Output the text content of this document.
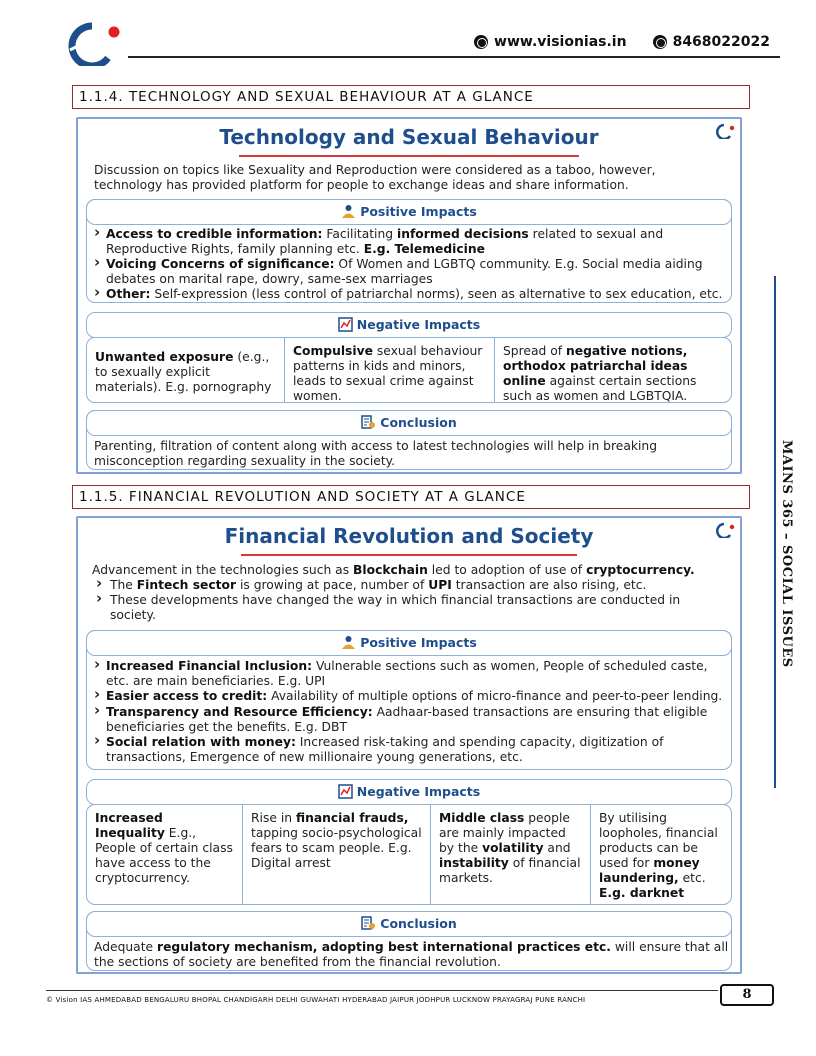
www.visionias.in	8468022022
1.1.4. TECHNOLOGY AND SEXUAL BEHAVIOUR AT A GLANCE
Technology and Sexual Behaviour
Discussion on topics like Sexuality and Reproduction were considered as a taboo, however, technology has provided platform for people to exchange ideas and share information.
Positive Impacts
› Access to credible information: Facilitating informed decisions related to sexual and Reproductive Rights, family planning etc. E.g. Telemedicine
› Voicing Concerns of significance: Of Women and LGBTQ community. E.g. Social media aiding debates on marital rape, dowry, same-sex marriages
› Other: Self-expression (less control of patriarchal norms), seen as alternative to sex education, etc.
Negative Impacts
Unwanted exposure (e.g., to sexually explicit materials). E.g. pornography
Compulsive sexual behaviour patterns in kids and minors, leads to sexual crime against women.
Spread of negative notions, orthodox patriarchal ideas online against certain sections such as women and LGBTQIA.
Conclusion
Parenting, filtration of content along with access to latest technologies will help in breaking misconception regarding sexuality in the society.
1.1.5. FINANCIAL REVOLUTION AND SOCIETY AT A GLANCE
Financial Revolution and Society
Advancement in the technologies such as Blockchain led to adoption of use of cryptocurrency.
› The Fintech sector is growing at pace, number of UPI transaction are also rising, etc.
› These developments have changed the way in which financial transactions are conducted in society.
Positive Impacts
› Increased Financial Inclusion: Vulnerable sections such as women, People of scheduled caste, etc. are main beneficiaries. E.g. UPI
› Easier access to credit: Availability of multiple options of micro-finance and peer-to-peer lending.
› Transparency and Resource Efficiency: Aadhaar-based transactions are ensuring that eligible beneficiaries get the benefits. E.g. DBT
› Social relation with money: Increased risk-taking and spending capacity, digitization of transactions, Emergence of new millionaire young generations, etc.
Negative Impacts
Increased Inequality E.g., People of certain class have access to the cryptocurrency.
Rise in financial frauds, tapping socio-psychological fears to scam people. E.g. Digital arrest
Middle class people are mainly impacted by the volatility and instability of financial markets.
By utilising loopholes, financial products can be used for money laundering, etc. E.g. darknet
Conclusion
Adequate regulatory mechanism, adopting best international practices etc. will ensure that all the sections of society are benefited from the financial revolution.
MAINS 365 – SOCIAL ISSUES
© Vision IAS AHMEDABAD BENGALURU BHOPAL CHANDIGARH DELHI GUWAHATI HYDERABAD JAIPUR JODHPUR LUCKNOW PRAYAGRAJ PUNE RANCHI	8
